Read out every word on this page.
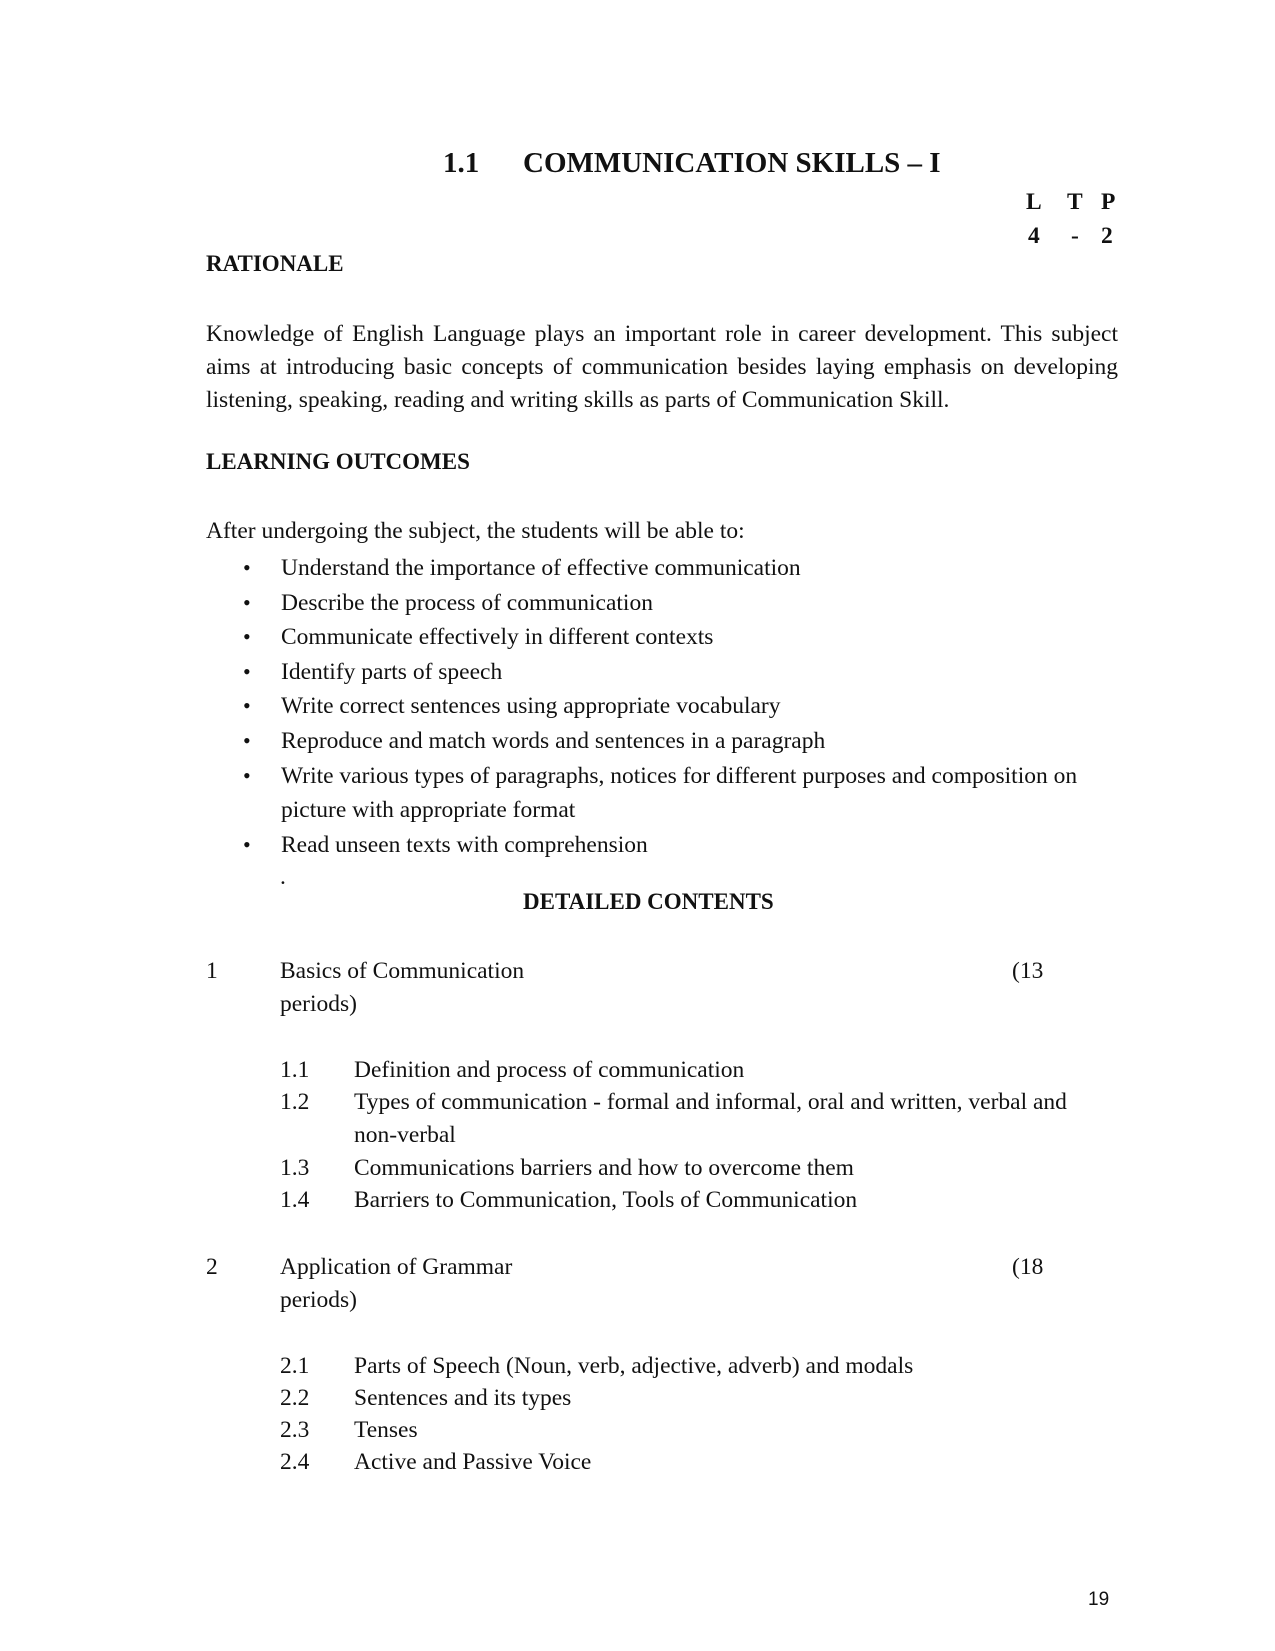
1.1 COMMUNICATION SKILLS – I
L T P
4 - 2
RATIONALE
Knowledge of English Language plays an important role in career development. This subject aims at introducing basic concepts of communication besides laying emphasis on developing listening, speaking, reading and writing skills as parts of Communication Skill.
LEARNING OUTCOMES
After undergoing the subject, the students will be able to:
• Understand the importance of effective communication
• Describe the process of communication
• Communicate effectively in different contexts
• Identify parts of speech
• Write correct sentences using appropriate vocabulary
• Reproduce and match words and sentences in a paragraph
• Write various types of paragraphs, notices for different purposes and composition on picture with appropriate format
• Read unseen texts with comprehension
.
DETAILED CONTENTS
1	Basics of Communication	(13
periods)
1.1 Definition and process of communication
1.2 Types of communication - formal and informal, oral and written, verbal and
non-verbal
1.3 Communications barriers and how to overcome them
1.4 Barriers to Communication, Tools of Communication
2	Application of Grammar	(18
periods)
2.1 Parts of Speech (Noun, verb, adjective, adverb) and modals
2.2 Sentences and its types
2.3 Tenses
2.4 Active and Passive Voice
19
